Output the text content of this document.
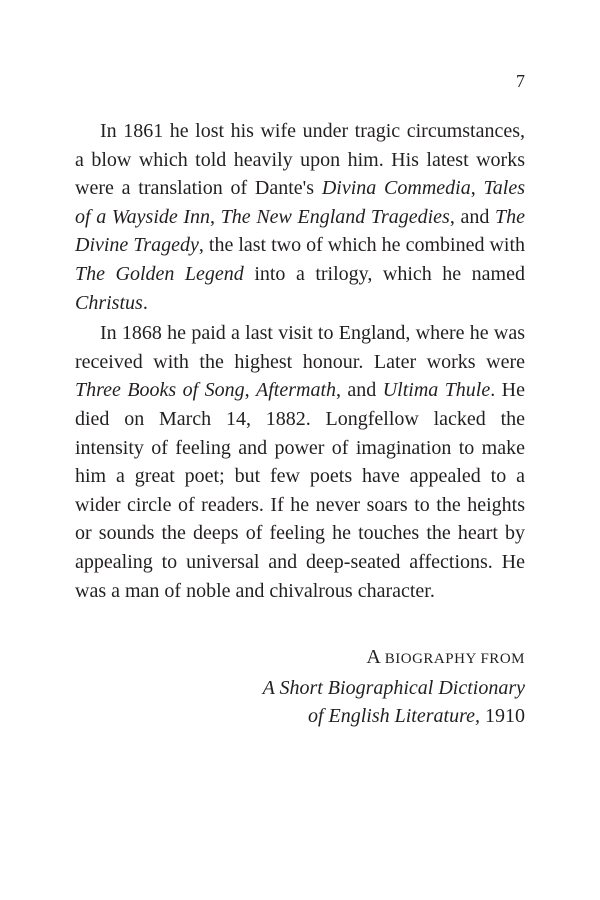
7

In 1861 he lost his wife under tragic circumstances, a blow which told heavily upon him. His latest works were a translation of Dante's Divina Commedia, Tales of a Wayside Inn, The New England Tragedies, and The Divine Tragedy, the last two of which he combined with The Golden Legend into a trilogy, which he named Christus.

In 1868 he paid a last visit to England, where he was received with the highest honour. Later works were Three Books of Song, Aftermath, and Ultima Thule. He died on March 14, 1882. Longfellow lacked the intensity of feeling and power of imagination to make him a great poet; but few poets have appealed to a wider circle of readers. If he never soars to the heights or sounds the deeps of feeling he touches the heart by appealing to universal and deep-seated affections. He was a man of noble and chivalrous character.

A BIOGRAPHY FROM
A Short Biographical Dictionary
of English Literature, 1910
